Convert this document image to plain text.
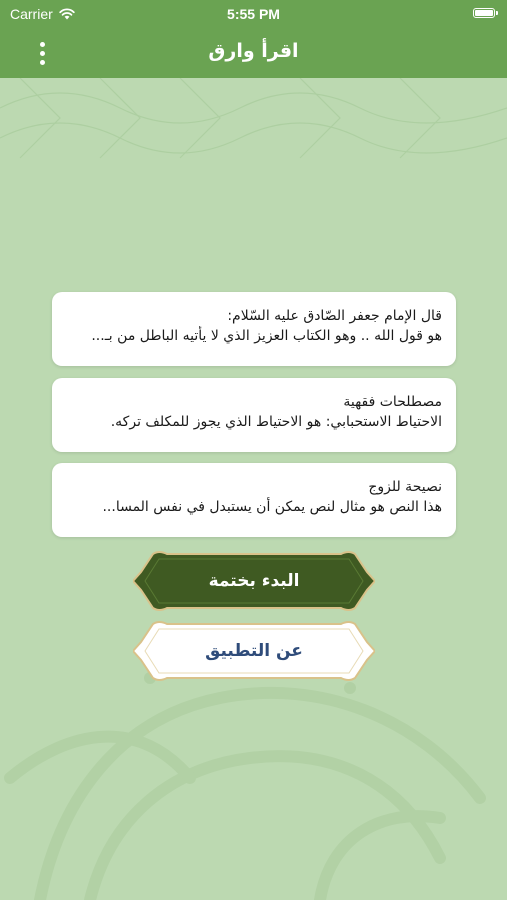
Carrier	5:55 PM
اقرأ وارق
قال الإمام جعفر الصّادق عليه السّلام:
هو قول الله .. وهو الكتاب العزيز الذي لا يأتيه الباطل من بـ...
مصطلحات فقهية
الاحتياط الاستحبابي: هو الاحتياط الذي يجوز للمكلف تركه.
نصيحة للزوج
هذا النص هو مثال لنص يمكن أن يستبدل في نفس المسا...
البدء بختمة
عن التطبيق
